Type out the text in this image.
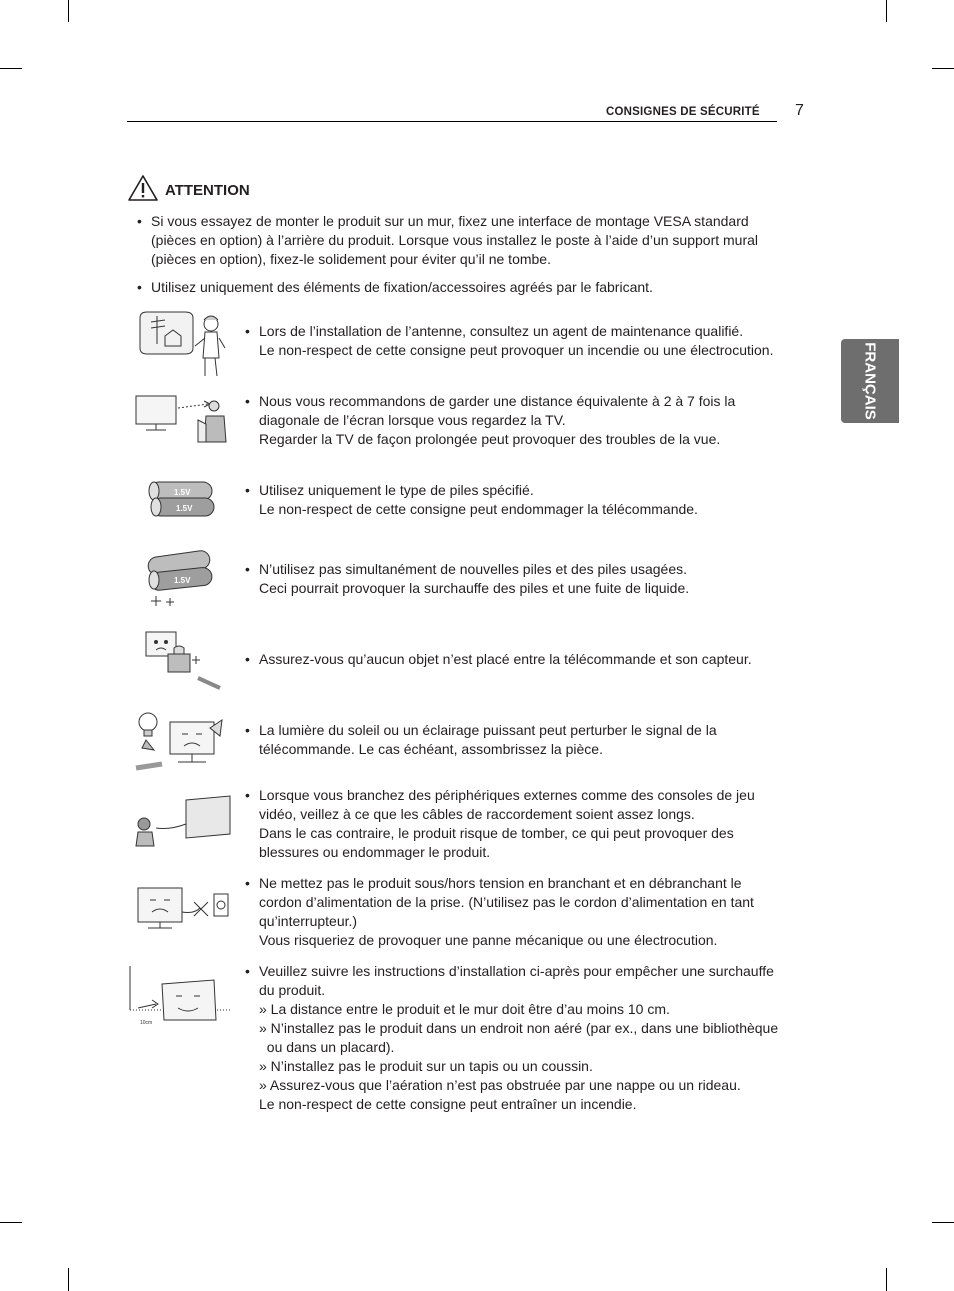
CONSIGNES DE SÉCURITÉ 7
FRANÇAIS
ATTENTION
• Si vous essayez de monter le produit sur un mur, fixez une interface de montage VESA standard
(pièces en option) à l’arrière du produit. Lorsque vous installez le poste à l’aide d’un support mural
(pièces en option), fixez-le solidement pour éviter qu’il ne tombe.
• Utilisez uniquement des éléments de fixation/accessoires agréés par le fabricant.
• Lors de l’installation de l’antenne, consultez un agent de maintenance qualifié.
Le non-respect de cette consigne peut provoquer un incendie ou une électrocution.
• Nous vous recommandons de garder une distance équivalente à 2 à 7 fois la
diagonale de l’écran lorsque vous regardez la TV.
Regarder la TV de façon prolongée peut provoquer des troubles de la vue.
1.5V
1.5V
• Utilisez uniquement le type de piles spécifié.
Le non-respect de cette consigne peut endommager la télécommande.
1.5V
• N’utilisez pas simultanément de nouvelles piles et des piles usagées.
Ceci pourrait provoquer la surchauffe des piles et une fuite de liquide.
• Assurez-vous qu’aucun objet n’est placé entre la télécommande et son capteur.
• La lumière du soleil ou un éclairage puissant peut perturber le signal de la
télécommande. Le cas échéant, assombrissez la pièce.
• Lorsque vous branchez des périphériques externes comme des consoles de jeu
vidéo, veillez à ce que les câbles de raccordement soient assez longs.
Dans le cas contraire, le produit risque de tomber, ce qui peut provoquer des
blessures ou endommager le produit.
• Ne mettez pas le produit sous/hors tension en branchant et en débranchant le
cordon d’alimentation de la prise. (N’utilisez pas le cordon d’alimentation en tant
qu’interrupteur.)
Vous risqueriez de provoquer une panne mécanique ou une électrocution.
10cm
• Veuillez suivre les instructions d’installation ci-après pour empêcher une surchauffe
du produit.
» La distance entre le produit et le mur doit être d’au moins 10 cm.
» N’installez pas le produit dans un endroit non aéré (par ex., dans une bibliothèque
ou dans un placard).
» N’installez pas le produit sur un tapis ou un coussin.
» Assurez-vous que l’aération n’est pas obstruée par une nappe ou un rideau.
Le non-respect de cette consigne peut entraîner un incendie.
